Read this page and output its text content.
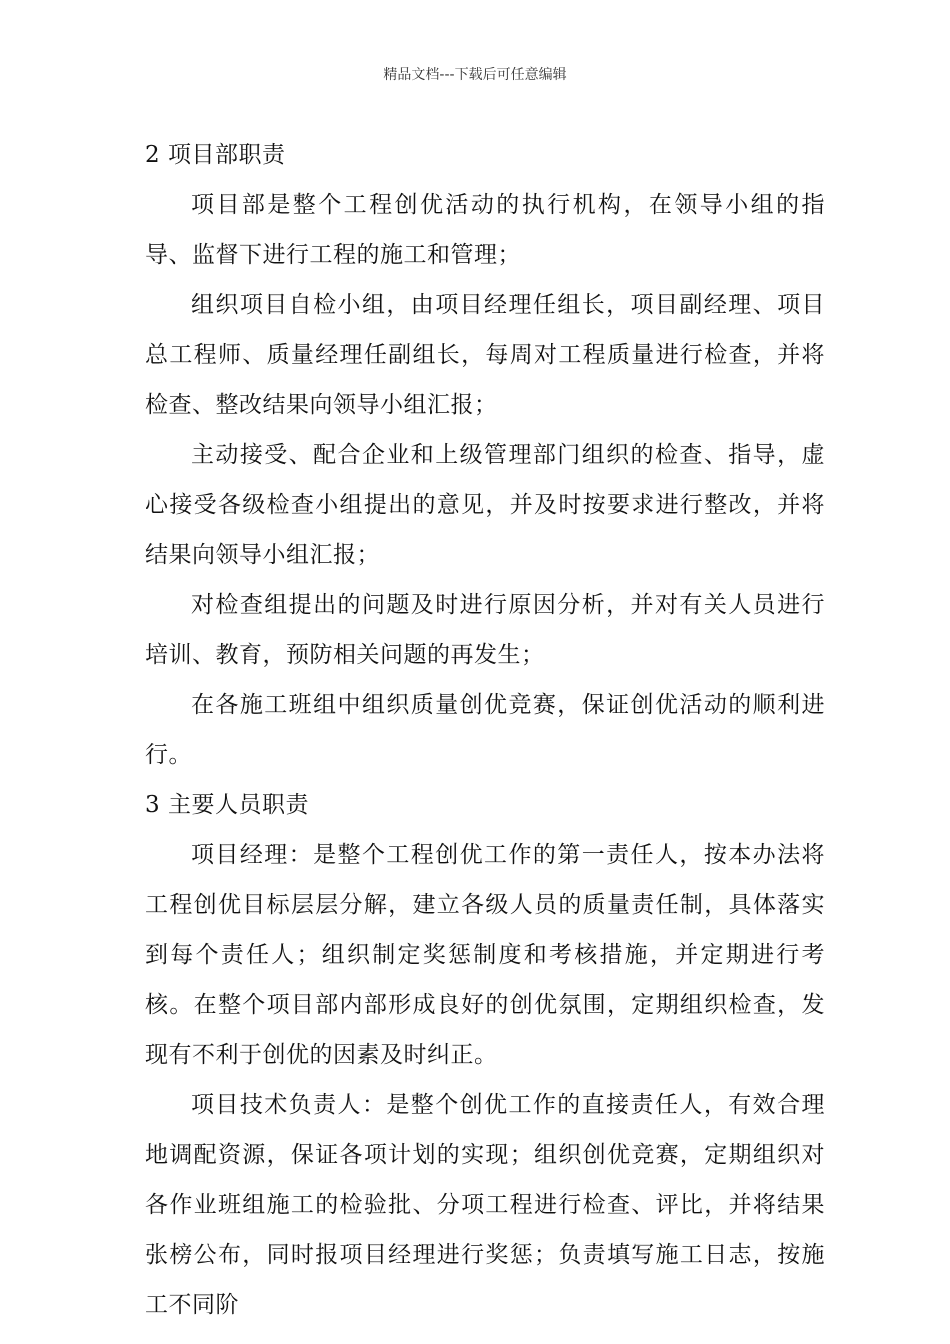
精品文档---下载后可任意编辑
2 项目部职责

项目部是整个工程创优活动的执行机构，在领导小组的指导、监督下进行工程的施工和管理；

组织项目自检小组，由项目经理任组长，项目副经理、项目总工程师、质量经理任副组长，每周对工程质量进行检查，并将检查、整改结果向领导小组汇报；

主动接受、配合企业和上级管理部门组织的检查、指导，虚心接受各级检查小组提出的意见，并及时按要求进行整改，并将结果向领导小组汇报；

对检查组提出的问题及时进行原因分析，并对有关人员进行培训、教育，预防相关问题的再发生；

在各施工班组中组织质量创优竞赛，保证创优活动的顺利进行。

3 主要人员职责

项目经理：是整个工程创优工作的第一责任人，按本办法将工程创优目标层层分解，建立各级人员的质量责任制，具体落实到每个责任人；组织制定奖惩制度和考核措施，并定期进行考核。在整个项目部内部形成良好的创优氛围，定期组织检查，发现有不利于创优的因素及时纠正。

项目技术负责人：是整个创优工作的直接责任人，有效合理地调配资源，保证各项计划的实现；组织创优竞赛，定期组织对各作业班组施工的检验批、分项工程进行检查、评比，并将结果张榜公布，同时报项目经理进行奖惩；负责填写施工日志，按施工不同阶
